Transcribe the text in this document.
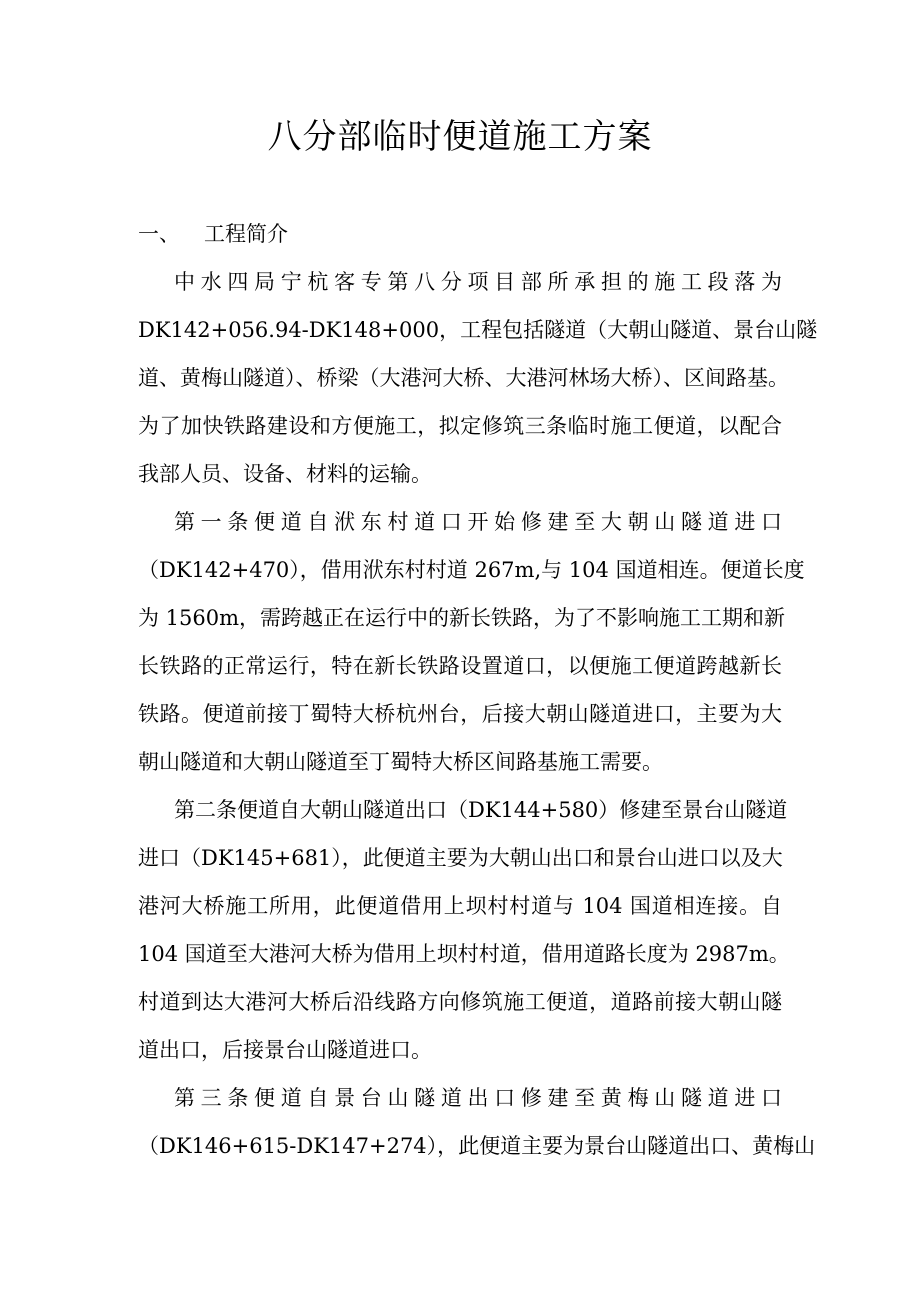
八分部临时便道施工方案
一、 工程简介
中水四局宁杭客专第八分项目部所承担的施工段落为
DK142+056.94-DK148+000，工程包括隧道（大朝山隧道、景台山隧
道、黄梅山隧道）、桥梁（大港河大桥、大港河林场大桥）、区间路基。
为了加快铁路建设和方便施工，拟定修筑三条临时施工便道，以配合
我部人员、设备、材料的运输。
第一条便道自洑东村道口开始修建至大朝山隧道进口
（DK142+470），借用洑东村村道 267m,与 104 国道相连。便道长度
为 1560m，需跨越正在运行中的新长铁路，为了不影响施工工期和新
长铁路的正常运行，特在新长铁路设置道口，以便施工便道跨越新长
铁路。便道前接丁蜀特大桥杭州台，后接大朝山隧道进口，主要为大
朝山隧道和大朝山隧道至丁蜀特大桥区间路基施工需要。
第二条便道自大朝山隧道出口（DK144+580）修建至景台山隧道
进口（DK145+681），此便道主要为大朝山出口和景台山进口以及大
港河大桥施工所用，此便道借用上坝村村道与 104 国道相连接。自
104 国道至大港河大桥为借用上坝村村道，借用道路长度为 2987m。
村道到达大港河大桥后沿线路方向修筑施工便道，道路前接大朝山隧
道出口，后接景台山隧道进口。
第三条便道自景台山隧道出口修建至黄梅山隧道进口
（DK146+615-DK147+274），此便道主要为景台山隧道出口、黄梅山
